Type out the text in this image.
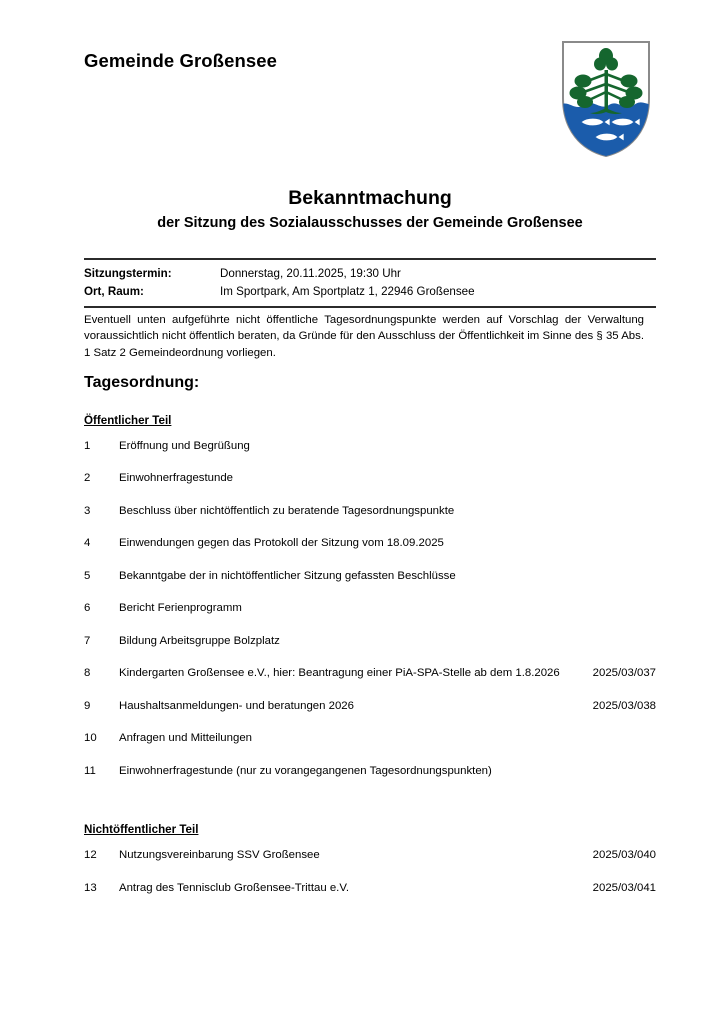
Gemeinde Großensee
Bekanntmachung
der Sitzung des Sozialausschusses der Gemeinde Großensee
Sitzungstermin:	Donnerstag, 20.11.2025, 19:30 Uhr
Ort, Raum:	Im Sportpark, Am Sportplatz 1, 22946 Großensee
Eventuell unten aufgeführte nicht öffentliche Tagesordnungspunkte werden auf Vorschlag der Verwaltung voraussichtlich nicht öffentlich beraten, da Gründe für den Ausschluss der Öffentlichkeit im Sinne des § 35 Abs. 1 Satz 2 Gemeindeordnung vorliegen.
Tagesordnung:
Öffentlicher Teil
1	Eröffnung und Begrüßung
2	Einwohnerfragestunde
3	Beschluss über nichtöffentlich zu beratende Tagesordnungspunkte
4	Einwendungen gegen das Protokoll der Sitzung vom 18.09.2025
5	Bekanntgabe der in nichtöffentlicher Sitzung gefassten Beschlüsse
6	Bericht Ferienprogramm
7	Bildung Arbeitsgruppe Bolzplatz
8	Kindergarten Großensee e.V., hier: Beantragung einer PiA-SPA-Stelle ab dem 1.8.2026	2025/03/037
9	Haushaltsanmeldungen- und beratungen 2026	2025/03/038
10	Anfragen und Mitteilungen
11	Einwohnerfragestunde (nur zu vorangegangenen Tagesordnungspunkten)
Nichtöffentlicher Teil
12	Nutzungsvereinbarung SSV Großensee	2025/03/040
13	Antrag des Tennisclub Großensee-Trittau e.V.	2025/03/041
